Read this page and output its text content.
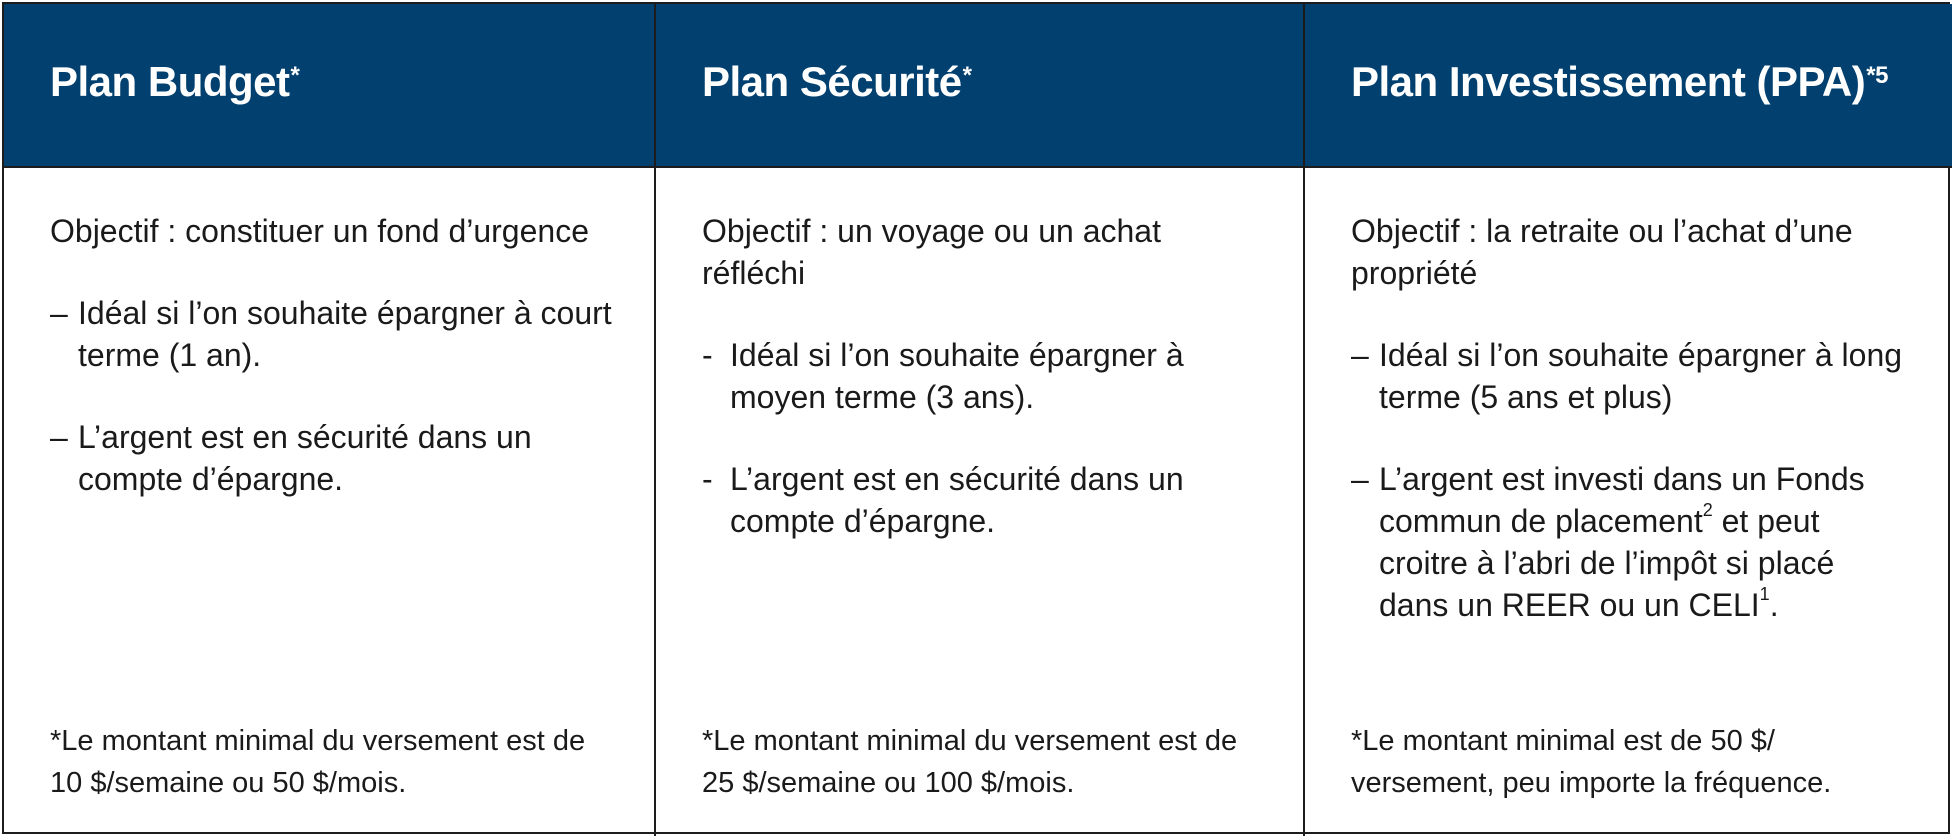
Plan Budget*	Plan Sécurité*	Plan Investissement (PPA)$^{*5}$

Objectif : constituer un fond d’urgence

– Idéal si l’on souhaite épargner à court terme (1 an).
– L’argent est en sécurité dans un compte d’épargne.

*Le montant minimal du versement est de 10 $/semaine ou 50 $/mois.

Objectif : un voyage ou un achat réfléchi

- Idéal si l’on souhaite épargner à moyen terme (3 ans).
- L’argent est en sécurité dans un compte d’épargne.

*Le montant minimal du versement est de 25 $/semaine ou 100 $/mois.

Objectif : la retraite ou l’achat d’une propriété

– Idéal si l’on souhaite épargner à long terme (5 ans et plus)
– L’argent est investi dans un Fonds commun de placement$^2$ et peut croitre à l’abri de l’impôt si placé dans un REER ou un CELI$^1$.

*Le montant minimal est de 50 $/ versement, peu importe la fréquence.
